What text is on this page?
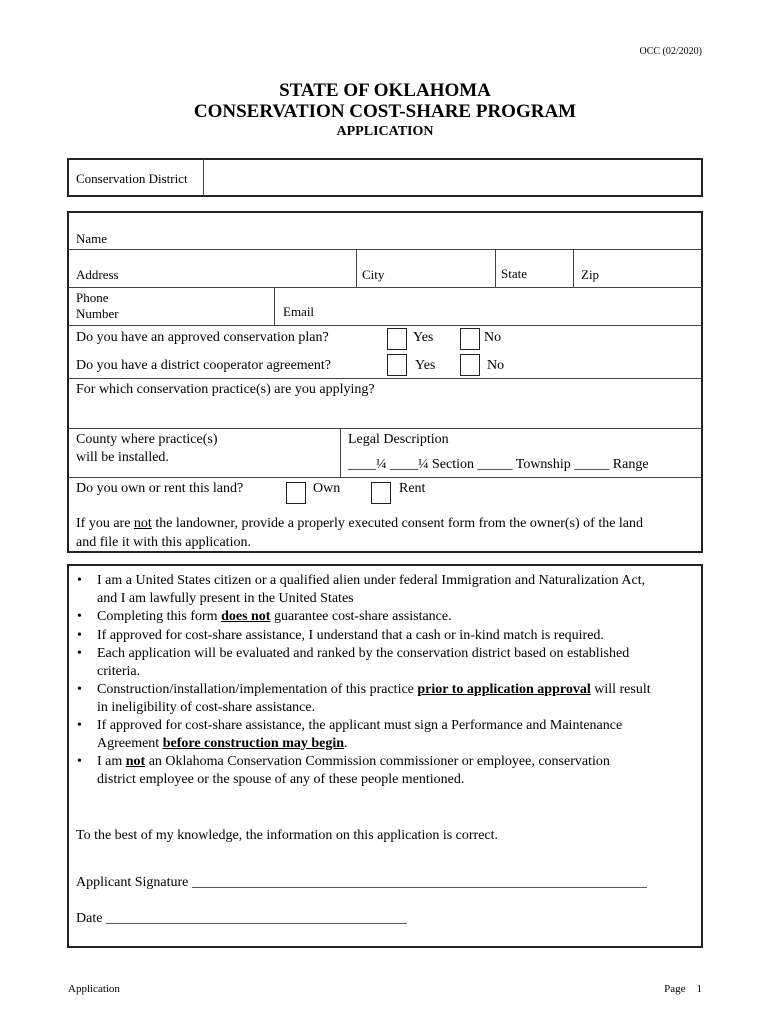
OCC (02/2020)
STATE OF OKLAHOMA
CONSERVATION COST-SHARE PROGRAM
APPLICATION
Conservation District
Name
Address	City	State	Zip
Phone
Number	Email
Do you have an approved conservation plan?	Yes	No
Do you have a district cooperator agreement?	Yes	No
For which conservation practice(s) are you applying?
County where practice(s)
will be installed.
Legal Description
____¼ ____¼ Section _____ Township _____ Range
Do you own or rent this land?	Own	Rent
If you are not the landowner, provide a properly executed consent form from the owner(s) of the land
and file it with this application.
• I am a United States citizen or a qualified alien under federal Immigration and Naturalization Act,
and I am lawfully present in the United States
• Completing this form does not guarantee cost-share assistance.
• If approved for cost-share assistance, I understand that a cash or in-kind match is required.
• Each application will be evaluated and ranked by the conservation district based on established
criteria.
• Construction/installation/implementation of this practice prior to application approval will result
in ineligibility of cost-share assistance.
• If approved for cost-share assistance, the applicant must sign a Performance and Maintenance
Agreement before construction may begin.
• I am not an Oklahoma Conservation Commission commissioner or employee, conservation
district employee or the spouse of any of these people mentioned.
To the best of my knowledge, the information on this application is correct.
Applicant Signature _________________________________________________________________
Date ___________________________________________
Application	Page 1
